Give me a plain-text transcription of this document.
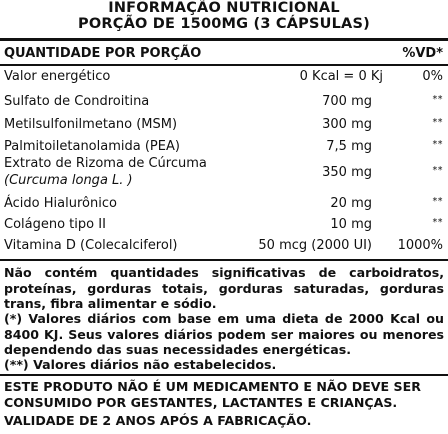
INFORMAÇÃO NUTRICIONAL
PORÇÃO DE 1500MG (3 CÁPSULAS)
QUANTIDADE POR PORÇÃO	%VD*
Valor energético	0 Kcal = 0 Kj	0%
Sulfato de Condroitina	700 mg	**
Metilsulfonilmetano (MSM)	300 mg	**
Palmitoiletanolamida (PEA)	7,5 mg	**
Extrato de Rizoma de Cúrcuma
(Curcuma longa L. )
350 mg	**
Ácido Hialurônico	20 mg	**
Colágeno tipo II	10 mg	**
Vitamina D (Colecalciferol)	50 mcg (2000 UI) 1000%
Não contém quantidades significativas de carboidratos, proteínas, gorduras totais, gorduras saturadas, gorduras trans, fibra alimentar e sódio.
(*) Valores diários com base em uma dieta de 2000 Kcal ou 8400 KJ. Seus valores diários podem ser maiores ou menores dependendo das suas necessidades energéticas.
(**) Valores diários não estabelecidos.
ESTE PRODUTO NÃO É UM MEDICAMENTO E NÃO DEVE SER CONSUMIDO POR GESTANTES, LACTANTES E CRIANÇAS.
VALIDADE DE 2 ANOS APÓS A FABRICAÇÃO.
